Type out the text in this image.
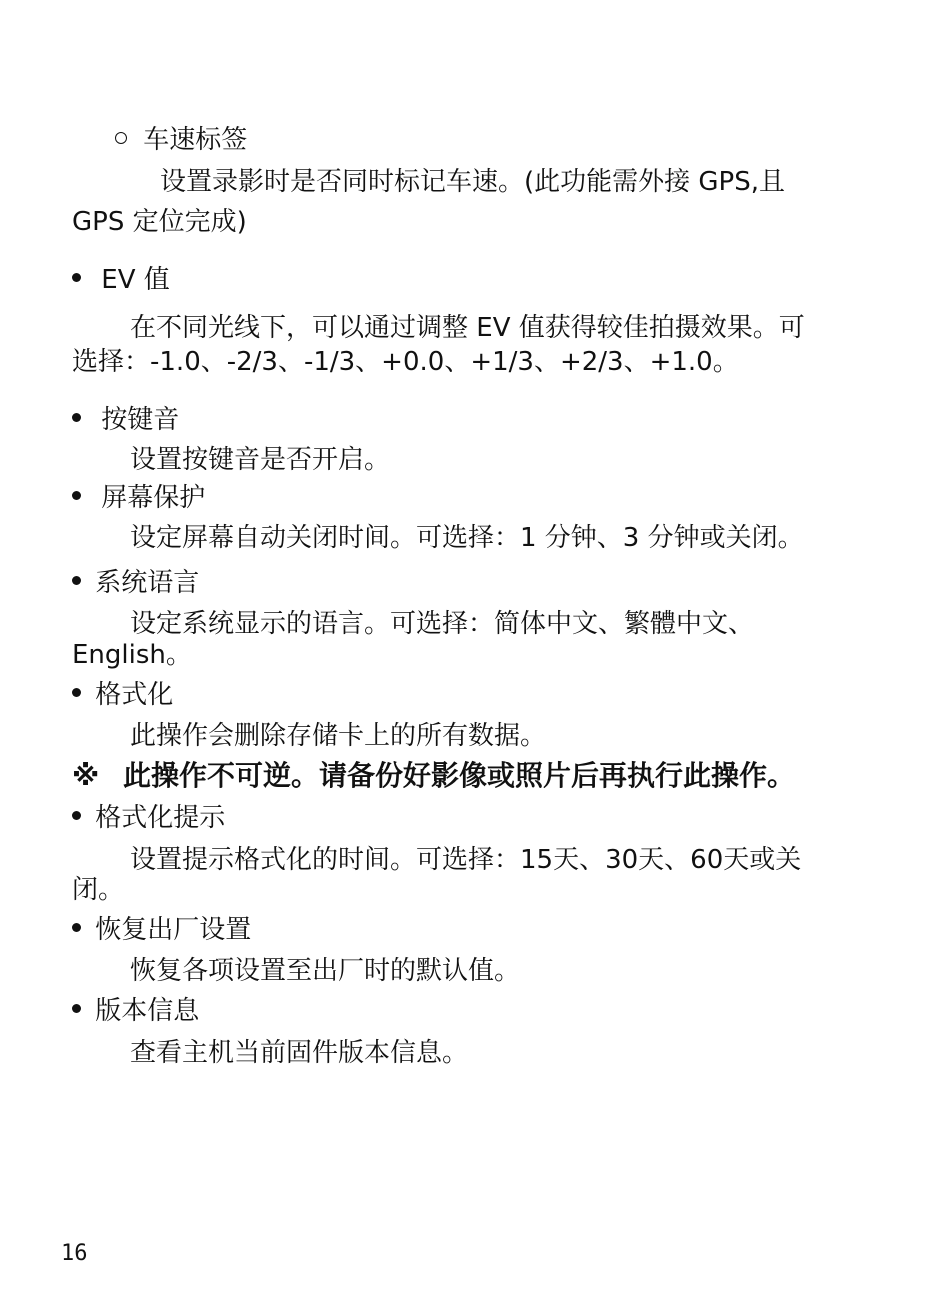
车速标签
设置录影时是否同时标记车速。(此功能需外接 GPS,且
GPS 定位完成)
EV 值
在不同光线下，可以通过调整 EV 值获得较佳拍摄效果。可
选择：-1.0、-2/3、-1/3、+0.0、+1/3、+2/3、+1.0。
按键音
设置按键音是否开启。
屏幕保护
设定屏幕自动关闭时间。可选择：1 分钟、3 分钟或关闭。
系统语言
设定系统显示的语言。可选择：简体中文、繁體中文、
English。
格式化
此操作会删除存储卡上的所有数据。
※ 此操作不可逆。请备份好影像或照片后再执行此操作。
格式化提示
设置提示格式化的时间。可选择：15天、30天、60天或关
闭。
恢复出厂设置
恢复各项设置至出厂时的默认值。
版本信息
查看主机当前固件版本信息。
16
